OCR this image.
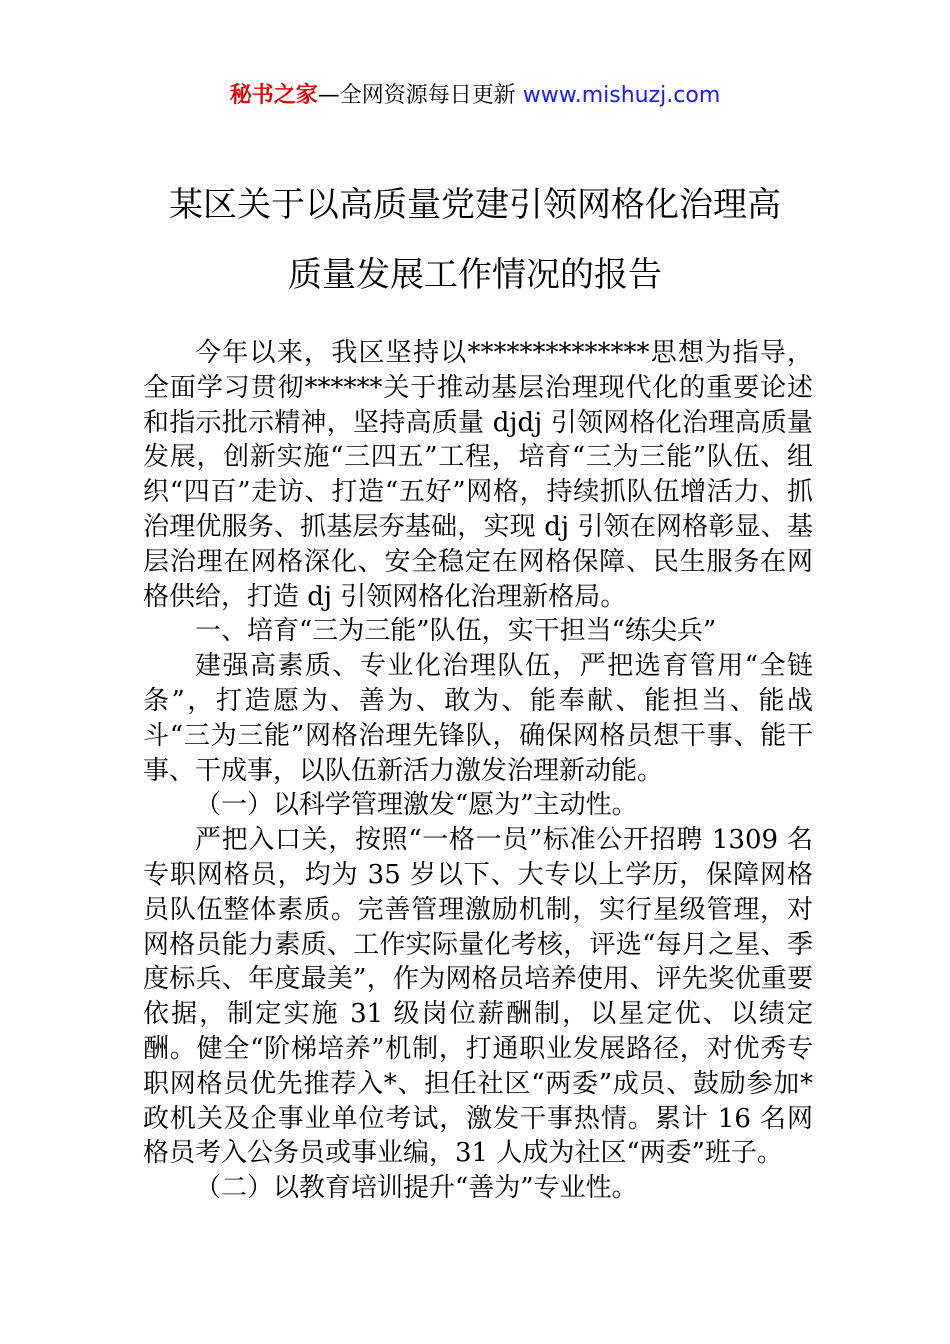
秘书之家—全网资源每日更新 www.mishuzj.com
某区关于以高质量党建引领网格化治理高
质量发展工作情况的报告

今年以来，我区坚持以**************思想为指导，全面学习贯彻******关于推动基层治理现代化的重要论述和指示批示精神，坚持高质量 djdj 引领网格化治理高质量发展，创新实施“三四五”工程，培育“三为三能”队伍、组织“四百”走访、打造“五好”网格，持续抓队伍增活力、抓治理优服务、抓基层夯基础，实现 dj 引领在网格彰显、基层治理在网格深化、安全稳定在网格保障、民生服务在网格供给，打造 dj 引领网格化治理新格局。

一、培育“三为三能”队伍，实干担当“练尖兵”

建强高素质、专业化治理队伍，严把选育管用“全链条”，打造愿为、善为、敢为、能奉献、能担当、能战斗“三为三能”网格治理先锋队，确保网格员想干事、能干事、干成事，以队伍新活力激发治理新动能。

（一）以科学管理激发“愿为”主动性。

严把入口关，按照“一格一员”标准公开招聘 1309 名专职网格员，均为 35 岁以下、大专以上学历，保障网格员队伍整体素质。完善管理激励机制，实行星级管理，对网格员能力素质、工作实际量化考核，评选“每月之星、季度标兵、年度最美”，作为网格员培养使用、评先奖优重要依据，制定实施 31 级岗位薪酬制，以星定优、以绩定酬。健全“阶梯培养”机制，打通职业发展路径，对优秀专职网格员优先推荐入*、担任社区“两委”成员、鼓励参加*政机关及企事业单位考试，激发干事热情。累计 16 名网格员考入公务员或事业编，31 人成为社区“两委”班子。

（二）以教育培训提升“善为”专业性。
